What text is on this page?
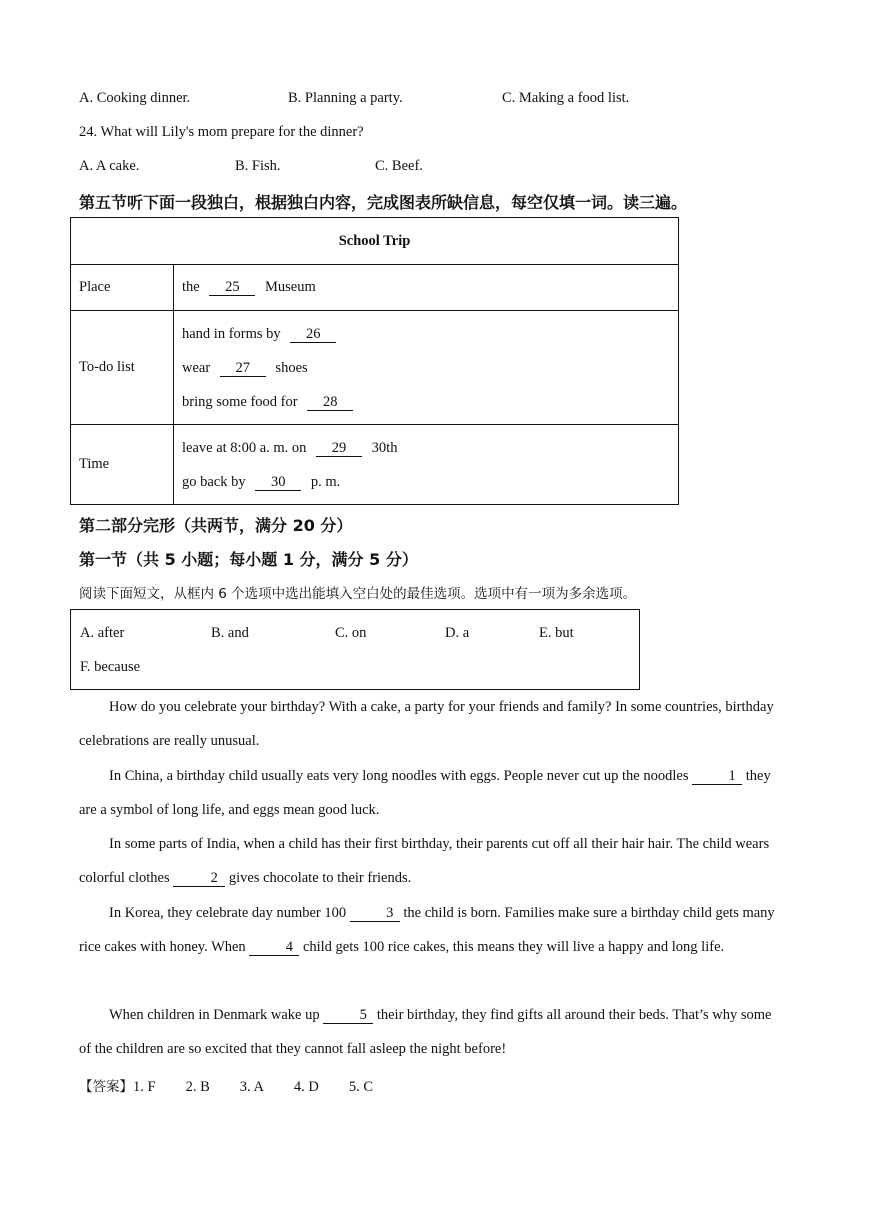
A. Cooking dinner.	B. Planning a party.	C. Making a food list.
24. What will Lily's mom prepare for the dinner?
A. A cake.	B. Fish.	C. Beef.
第五节听下面一段独白，根据独白内容，完成图表所缺信息，每空仅填一词。读三遍。
School Trip	
Place	the 25 Museum
To-do list	hand in forms by 26
wear 27 shoes
bring some food for 28

Time	leave at 8:00 a. m. on 29 30th
go back by 30 p. m.
第二部分完形（共两节，满分 20 分）
第一节（共 5 小题；每小题 1 分，满分 5 分）
阅读下面短文，从框内 6 个选项中选出能填入空白处的最佳选项。选项中有一项为多余选项。
A. after	B. and	C. on	D. a	E. but
F. because
How do you celebrate your birthday? With a cake, a party for your friends and family? In some countries, birthday celebrations are really unusual.
In China, a birthday child usually eats very long noodles with eggs. People never cut up the noodles	1 they are a symbol of long life, and eggs mean good luck.
In some parts of India, when a child has their first birthday, their parents cut off all their hair hair. The child wears colorful clothes	2 gives chocolate to their friends.
In Korea, they celebrate day number 100	3 the child is born. Families make sure a birthday child gets many rice cakes with honey. When	4 child gets 100 rice cakes, this means they will live a happy and long life.
When children in Denmark wake up	5 their birthday, they find gifts all around their beds. That’s why some of the children are so excited that they cannot fall asleep the night before!
【答案】1. F 2. B 3. A 4. D 5. C
